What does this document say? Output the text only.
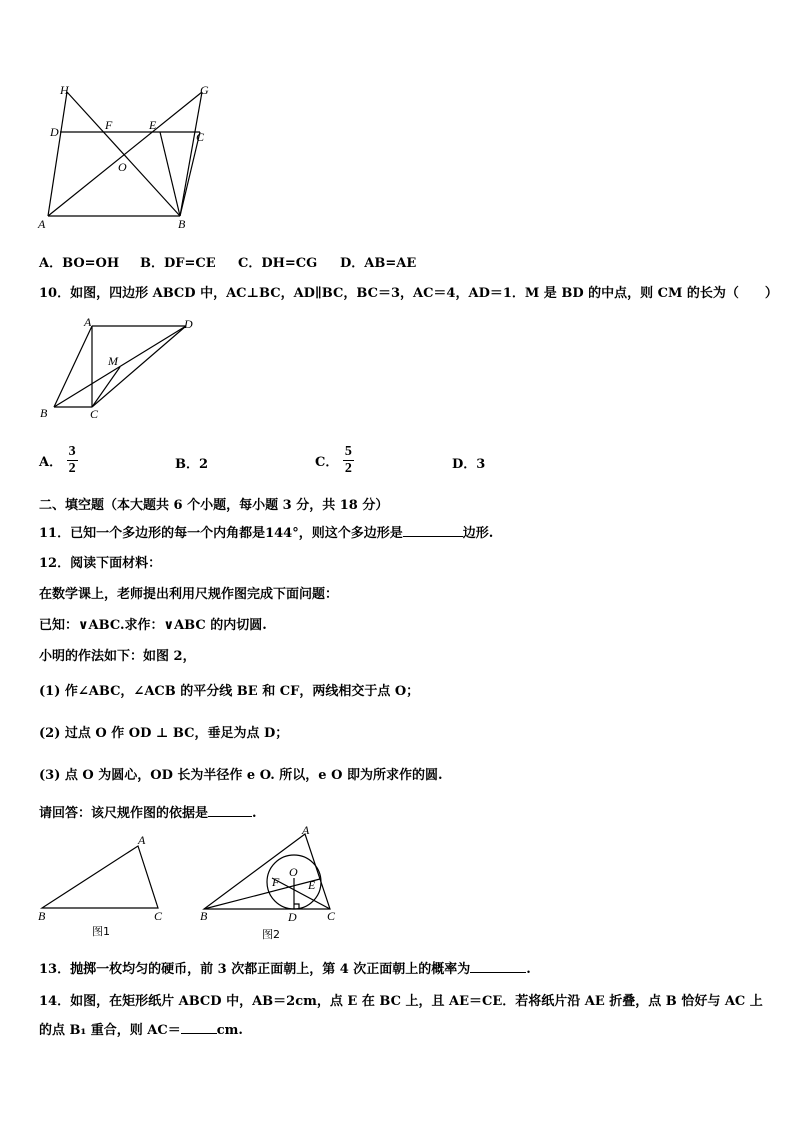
H	G
D	F	E
C
O
A	B
A．BO=OH B．DF=CE C．DH=CG D．AB=AE
10．如图，四边形 ABCD 中，AC⊥BC，AD∥BC，BC＝3，AC＝4，AD＝1．M 是 BD 的中点，则 CM 的长为（　　）
A	D
M
B	C
A． $\frac{3}{2}$	B．2	C． $\frac{5}{2}$	D．3
二、填空题（本大题共 6 个小题，每小题 3 分，共 18 分）
11．已知一个多边形的每一个内角都是144°，则这个多边形是	边形.
12．阅读下面材料：
在数学课上，老师提出利用尺规作图完成下面问题：
已知：∨ABC.求作：∨ABC 的内切圆.
小明的作法如下：如图 2，
(1) 作∠ABC，∠ACB 的平分线 BE 和 CF，两线相交于点 O；
(2) 过点 O 作 OD ⊥ BC，垂足为点 D；
(3) 点 O 为圆心，OD 长为半径作 e O. 所以，e O 即为所求作的圆.
请回答：该尺规作图的依据是	.
A
B	C
图1
A
B	C
D
E
F
O
图2
13．抛掷一枚均匀的硬币，前 3 次都正面朝上，第 4 次正面朝上的概率为	.
14．如图，在矩形纸片 ABCD 中，AB＝2cm，点 E 在 BC 上，且 AE＝CE．若将纸片沿 AE 折叠，点 B 恰好与 AC 上
的点 B₁ 重合，则 AC＝	cm.
